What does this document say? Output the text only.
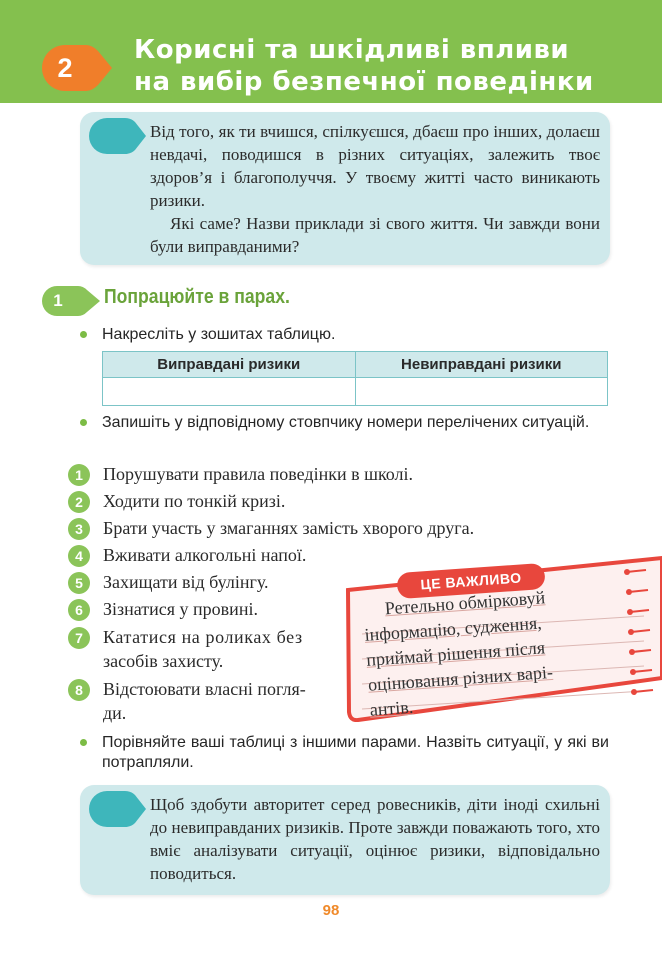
2
Корисні та шкідливі впливи
на вибір безпечної поведінки

Від того, як ти вчишся, спілкуєшся, дбаєш про інших, долаєш невдачі, поводишся в різних ситуаціях, залежить твоє здоров’я і благополуччя. У твоєму житті часто виникають ризики.

Які саме? Назви приклади зі свого життя. Чи завжди вони були виправданими?

1	Попрацюйте в парах.
Накресліть у зошитах таблицю.
Виправдані ризики	Невиправдані ризики

Запишіть у відповідному стовпчику номери перелічених ситуацій.
1	Порушувати правила поведінки в школі.
2	Ходити по тонкій кризі.
3	Брати участь у змаганнях замість хворого друга.
4	Вживати алкогольні напої.
5	Захищати від булінгу.
6	Зізнатися у провині.
7	Кататися на роликах без
засобів захисту.
8	Відстоювати власні погля-
ди.
ЦЕ ВАЖЛИВО
Ретельно обмірковуй
інформацію, судження,
приймай рішення після
оцінювання різних варі-
антів.
Порівняйте ваші таблиці з іншими парами. Назвіть ситуації, у які ви потрапляли.
Щоб здобути авторитет серед ровесників, діти іноді схильні до невиправданих ризиків. Проте завжди поважають того, хто вміє аналізувати ситуації, оцінює ризики, відповідально поводиться.
98
